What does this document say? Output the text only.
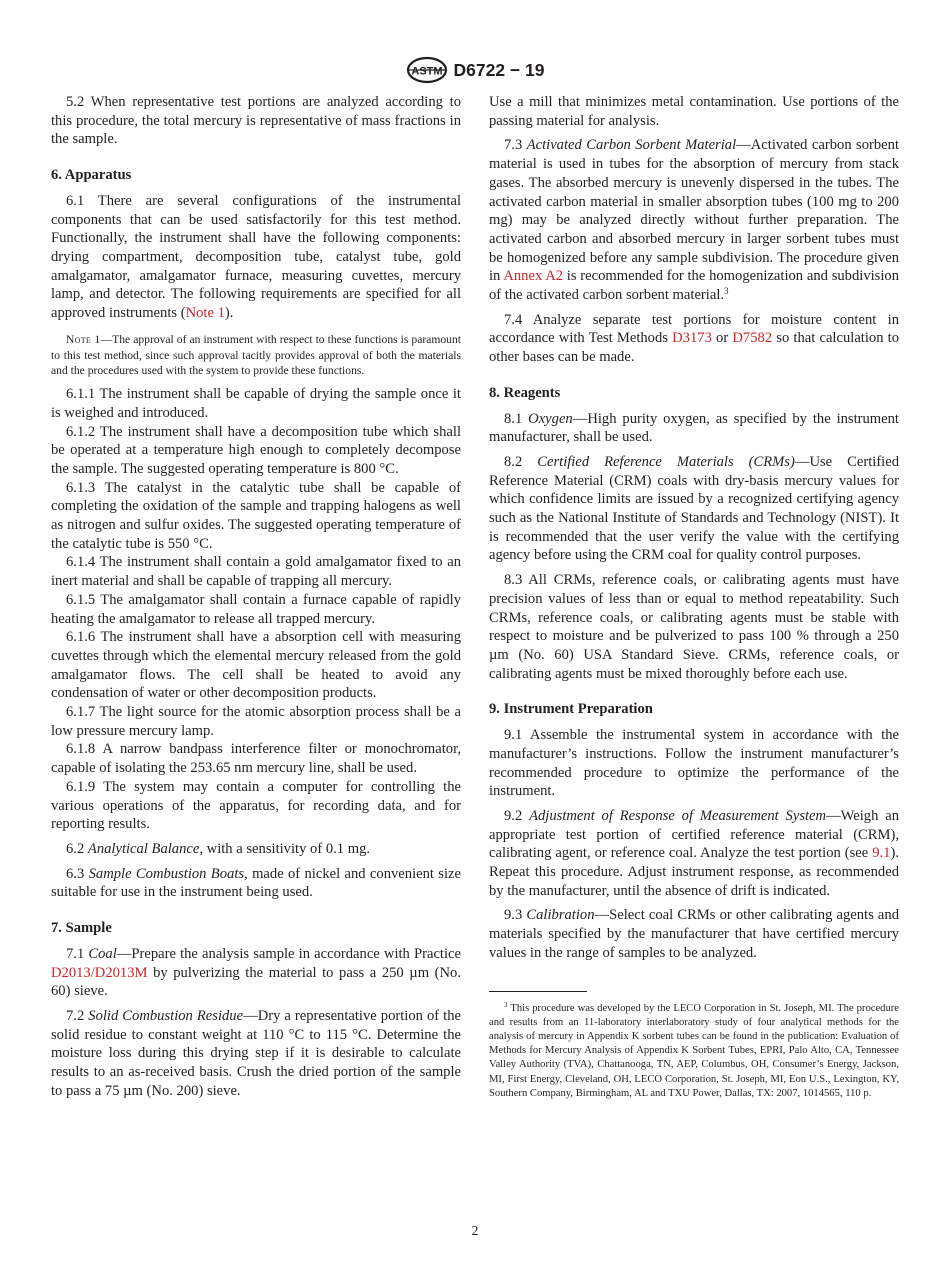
ASTM D6722 − 19

5.2 When representative test portions are analyzed according to this procedure, the total mercury is representative of mass fractions in the sample.

6. Apparatus

6.1 There are several configurations of the instrumental components that can be used satisfactorily for this test method. Functionally, the instrument shall have the following components: drying compartment, decomposition tube, catalyst tube, gold amalgamator, amalgamator furnace, measuring cuvettes, mercury lamp, and detector. The following requirements are specified for all approved instruments (Note 1).

Note 1—The approval of an instrument with respect to these functions is paramount to this test method, since such approval tacitly provides approval of both the materials and the procedures used with the system to provide these functions.

6.1.1 The instrument shall be capable of drying the sample once it is weighed and introduced.

6.1.2 The instrument shall have a decomposition tube which shall be operated at a temperature high enough to completely decompose the sample. The suggested operating temperature is 800 °C.

6.1.3 The catalyst in the catalytic tube shall be capable of completing the oxidation of the sample and trapping halogens as well as nitrogen and sulfur oxides. The suggested operating temperature of the catalytic tube is 550 °C.

6.1.4 The instrument shall contain a gold amalgamator fixed to an inert material and shall be capable of trapping all mercury.

6.1.5 The amalgamator shall contain a furnace capable of rapidly heating the amalgamator to release all trapped mercury.

6.1.6 The instrument shall have a absorption cell with measuring cuvettes through which the elemental mercury released from the gold amalgamator flows. The cell shall be heated to avoid any condensation of water or other decomposition products.

6.1.7 The light source for the atomic absorption process shall be a low pressure mercury lamp.

6.1.8 A narrow bandpass interference filter or monochromator, capable of isolating the 253.65 nm mercury line, shall be used.

6.1.9 The system may contain a computer for controlling the various operations of the apparatus, for recording data, and for reporting results.

6.2 Analytical Balance, with a sensitivity of 0.1 mg.

6.3 Sample Combustion Boats, made of nickel and convenient size suitable for use in the instrument being used.

7. Sample

7.1 Coal—Prepare the analysis sample in accordance with Practice D2013/D2013M by pulverizing the material to pass a 250 µm (No. 60) sieve.

7.2 Solid Combustion Residue—Dry a representative portion of the solid residue to constant weight at 110 °C to 115 °C. Determine the moisture loss during this drying step if it is desirable to calculate results to an as-received basis. Crush the dried portion of the sample to pass a 75 µm (No. 200) sieve.

Use a mill that minimizes metal contamination. Use portions of the passing material for analysis.

7.3 Activated Carbon Sorbent Material—Activated carbon sorbent material is used in tubes for the absorption of mercury from stack gases. The absorbed mercury is unevenly dispersed in the tubes. The activated carbon material in smaller absorption tubes (100 mg to 200 mg) may be analyzed directly without further preparation. The activated carbon and absorbed mercury in larger sorbent tubes must be homogenized before any sample subdivision. The procedure given in Annex A2 is recommended for the homogenization and subdivision of the activated carbon sorbent material.$^3$

7.4 Analyze separate test portions for moisture content in accordance with Test Methods D3173 or D7582 so that calculation to other bases can be made.

8. Reagents

8.1 Oxygen—High purity oxygen, as specified by the instrument manufacturer, shall be used.

8.2 Certified Reference Materials (CRMs)—Use Certified Reference Material (CRM) coals with dry-basis mercury values for which confidence limits are issued by a recognized certifying agency such as the National Institute of Standards and Technology (NIST). It is recommended that the user verify the value with the certifying agency before using the CRM coal for quality control purposes.

8.3 All CRMs, reference coals, or calibrating agents must have precision values of less than or equal to method repeatability. Such CRMs, reference coals, or calibrating agents must be stable with respect to moisture and be pulverized to pass 100 % through a 250 µm (No. 60) USA Standard Sieve. CRMs, reference coals, or calibrating agents must be mixed thoroughly before each use.

9. Instrument Preparation

9.1 Assemble the instrumental system in accordance with the manufacturer’s instructions. Follow the instrument manufacturer’s recommended procedure to optimize the performance of the instrument.

9.2 Adjustment of Response of Measurement System—Weigh an appropriate test portion of certified reference material (CRM), calibrating agent, or reference coal. Analyze the test portion (see 9.1). Repeat this procedure. Adjust instrument response, as recommended by the manufacturer, until the absence of drift is indicated.

9.3 Calibration—Select coal CRMs or other calibrating agents and materials specified by the manufacturer that have certified mercury values in the range of samples to be analyzed.

$^3$ This procedure was developed by the LECO Corporation in St. Joseph, MI. The procedure and results from an 11-laboratory interlaboratory study of four analytical methods for the analysis of mercury in Appendix K sorbent tubes can be found in the publication: Evaluation of Methods for Mercury Analysis of Appendix K Sorbent Tubes, EPRI, Palo Alto, CA, Tennessee Valley Authority (TVA), Chattanooga, TN, AEP, Columbus, OH, Consumer’s Energy, Jackson, MI, First Energy, Cleveland, OH, LECO Corporation, St. Joseph, MI, Eon U.S., Lexington, KY, Southern Company, Birmingham, AL and TXU Power, Dallas, TX: 2007, 1014565, 110 p.

2
